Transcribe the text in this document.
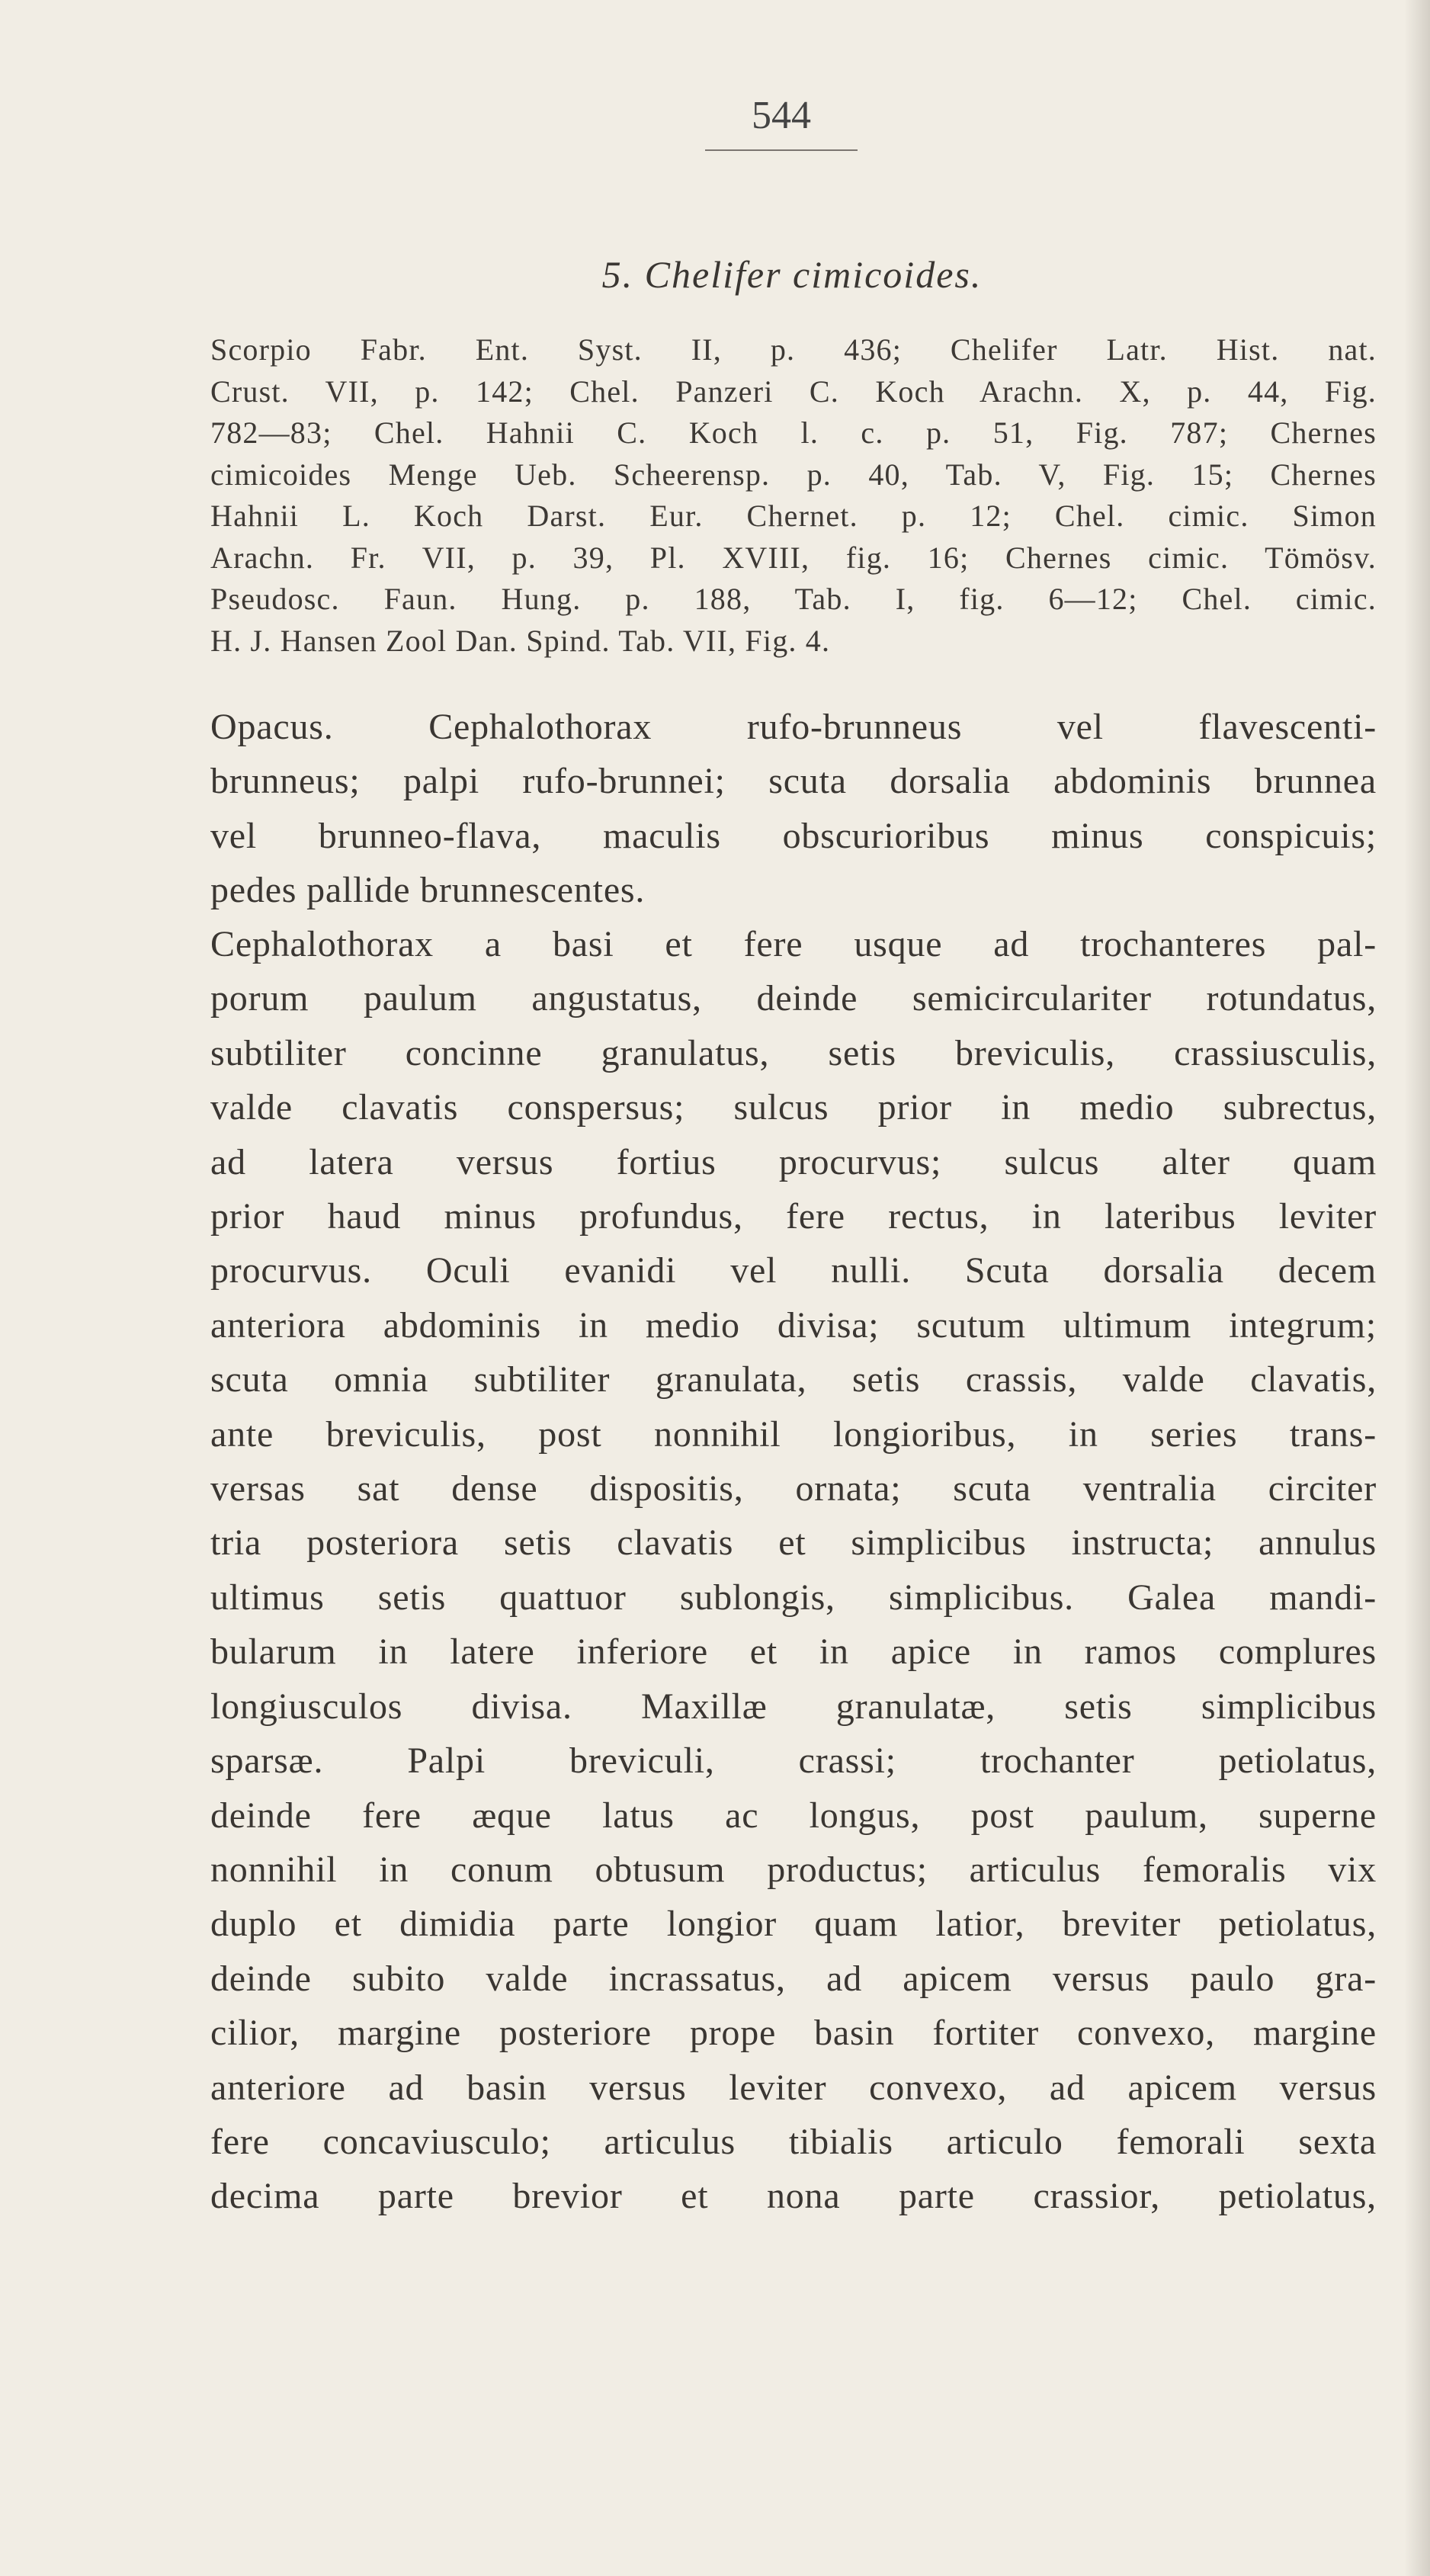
544
5. Chelifer cimicoides.
Scorpio Fabr. Ent. Syst. II, p. 436; Chelifer Latr. Hist. nat.
Crust. VII, p. 142; Chel. Panzeri C. Koch Arachn. X, p. 44, Fig.
782—83; Chel. Hahnii C. Koch l. c. p. 51, Fig. 787; Chernes
cimicoides Menge Ueb. Scheerensp. p. 40, Tab. V, Fig. 15; Chernes
Hahnii L. Koch Darst. Eur. Chernet. p. 12; Chel. cimic. Simon
Arachn. Fr. VII, p. 39, Pl. XVIII, fig. 16; Chernes cimic. Tömösv.
Pseudosc. Faun. Hung. p. 188, Tab. I, fig. 6—12; Chel. cimic.
H. J. Hansen Zool Dan. Spind. Tab. VII, Fig. 4.
Opacus. Cephalothorax rufo-brunneus vel flavescenti-
brunneus; palpi rufo-brunnei; scuta dorsalia abdominis brunnea
vel brunneo-flava, maculis obscurioribus minus conspicuis;
pedes pallide brunnescentes.
Cephalothorax a basi et fere usque ad trochanteres pal-
porum paulum angustatus, deinde semicirculariter rotundatus,
subtiliter concinne granulatus, setis breviculis, crassiusculis,
valde clavatis conspersus; sulcus prior in medio subrectus,
ad latera versus fortius procurvus; sulcus alter quam
prior haud minus profundus, fere rectus, in lateribus leviter
procurvus. Oculi evanidi vel nulli. Scuta dorsalia decem
anteriora abdominis in medio divisa; scutum ultimum integrum;
scuta omnia subtiliter granulata, setis crassis, valde clavatis,
ante breviculis, post nonnihil longioribus, in series trans-
versas sat dense dispositis, ornata; scuta ventralia circiter
tria posteriora setis clavatis et simplicibus instructa; annulus
ultimus setis quattuor sublongis, simplicibus. Galea mandi-
bularum in latere inferiore et in apice in ramos complures
longiusculos divisa. Maxillæ granulatæ, setis simplicibus
sparsæ. Palpi breviculi, crassi; trochanter petiolatus,
deinde fere æque latus ac longus, post paulum, superne
nonnihil in conum obtusum productus; articulus femoralis vix
duplo et dimidia parte longior quam latior, breviter petiolatus,
deinde subito valde incrassatus, ad apicem versus paulo gra-
cilior, margine posteriore prope basin fortiter convexo, margine
anteriore ad basin versus leviter convexo, ad apicem versus
fere concaviusculo; articulus tibialis articulo femorali sexta
decima parte brevior et nona parte crassior, petiolatus,
